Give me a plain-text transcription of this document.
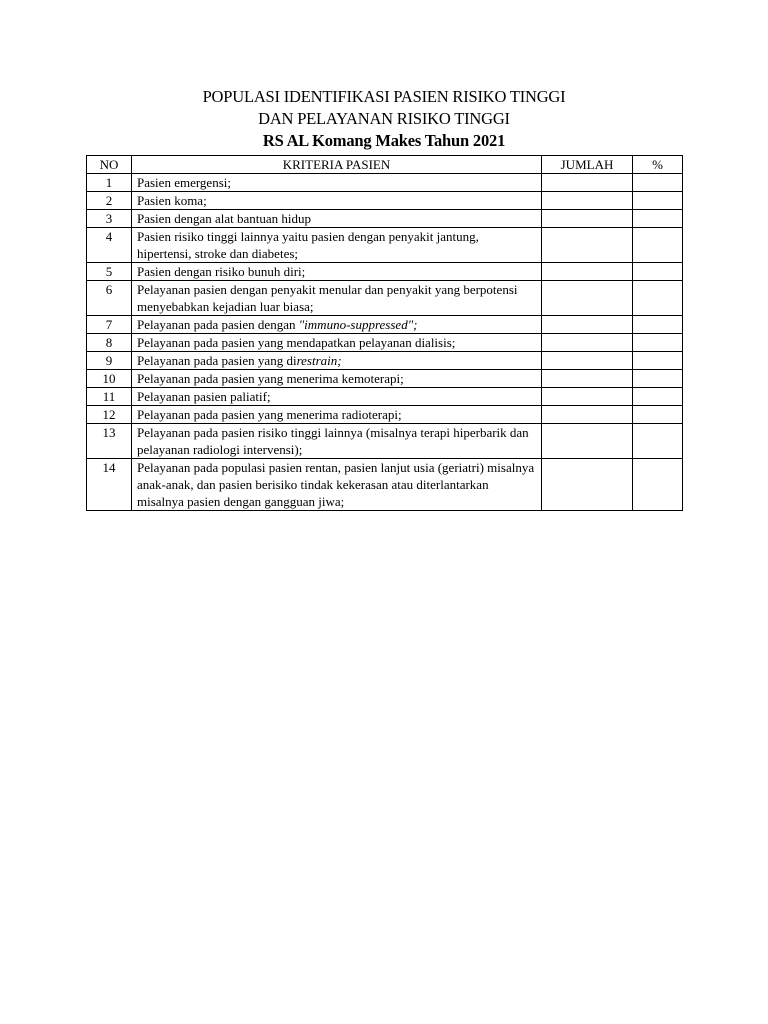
POPULASI IDENTIFIKASI PASIEN RISIKO TINGGI
DAN PELAYANAN RISIKO TINGGI
RS AL Komang Makes Tahun 2021
NO	KRITERIA PASIEN	JUMLAH	%
1	Pasien emergensi;		
2	Pasien koma;		
3	Pasien dengan alat bantuan hidup		
4	Pasien risiko tinggi lainnya yaitu pasien dengan penyakit jantung, hipertensi, stroke dan diabetes;		
5	Pasien dengan risiko bunuh diri;		
6	Pelayanan pasien dengan penyakit menular dan penyakit yang berpotensi menyebabkan kejadian luar biasa;		
7	Pelayanan pada pasien dengan "immuno-suppressed";		
8	Pelayanan pada pasien yang mendapatkan pelayanan dialisis;		
9	Pelayanan pada pasien yang direstrain;		
10	Pelayanan pada pasien yang menerima kemoterapi;		
11	Pelayanan pasien paliatif;		
12	Pelayanan pada pasien yang menerima radioterapi;		
13	Pelayanan pada pasien risiko tinggi lainnya (misalnya terapi hiperbarik dan pelayanan radiologi intervensi);		
14	Pelayanan pada populasi pasien rentan, pasien lanjut usia (geriatri) misalnya anak-anak, dan pasien berisiko tindak kekerasan atau diterlantarkan misalnya pasien dengan gangguan jiwa;		
